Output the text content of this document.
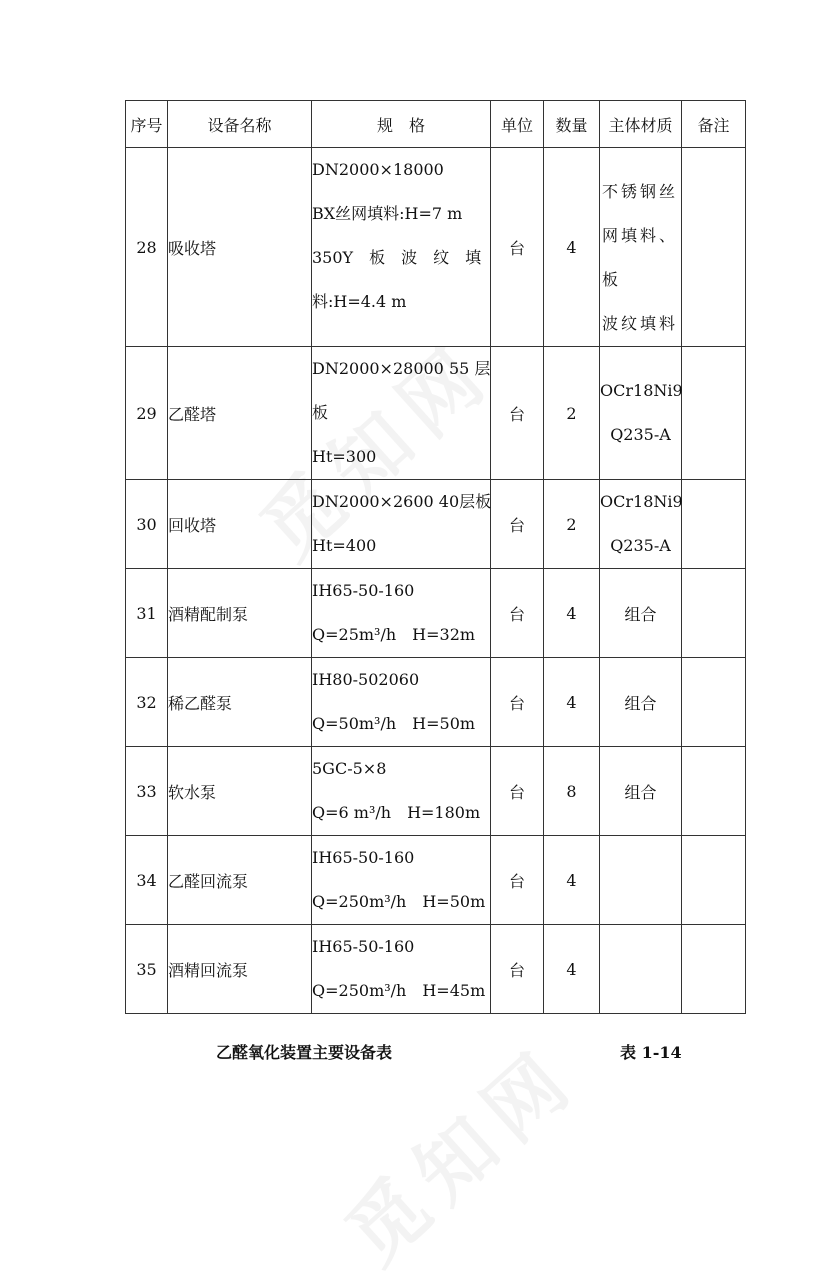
序号	设备名称	规　格	单位	数量	主体材质	备注
28	吸收塔	DN2000×18000
BX丝网填料:H=7 m
350Y　板　波　纹　填
料:H=4.4 m	台	4	不锈钢丝
网填料、板
波纹填料	

29	乙醛塔	DN2000×28000 55 层
板
Ht=300	台	2	OCr18Ni9
Q235-A	

30	回收塔	DN2000×2600 40层板
Ht=400	台	2	OCr18Ni9
Q235-A	

31	酒精配制泵	IH65-50-160
Q=25m³/h　H=32m	台	4	组合	
32	稀乙醛泵	IH80-502060
Q=50m³/h　H=50m	台	4	组合	
33	软水泵	5GC-5×8
Q=6 m³/h　H=180m	台	8	组合	
34	乙醛回流泵	IH65-50-160
Q=250m³/h　H=50m	台	4		
35	酒精回流泵	IH65-50-160
Q=250m³/h　H=45m	台	4		
乙醛氧化装置主要设备表	表 1-14
